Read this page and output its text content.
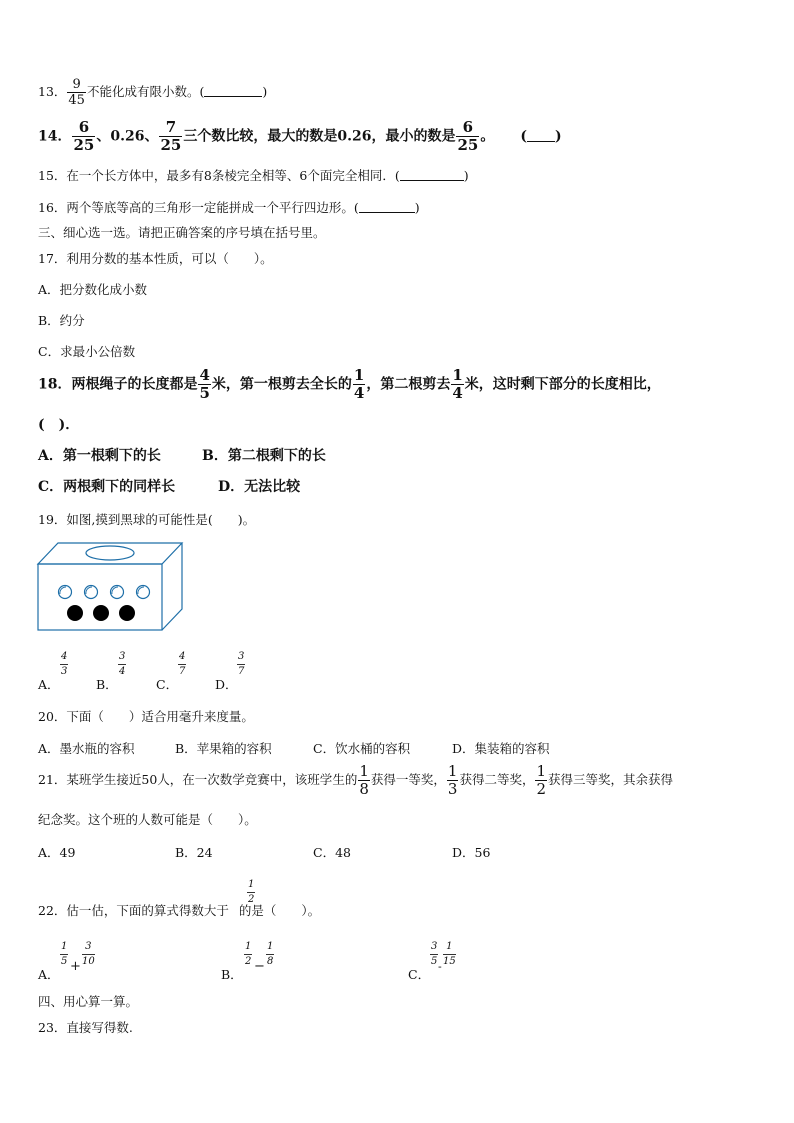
13． $\frac{9}{45}$ 不能化成有限小数。(	)
14． $\frac{6}{25}$ 、0.26、 $\frac{7}{25}$ 三个数比较，最大的数是0.26，最小的数是 $\frac{6}{25}$ 。 ( )
15．在一个长方体中，最多有8条棱完全相等、6个面完全相同．(	)
16．两个等底等高的三角形一定能拼成一个平行四边形。(	)
三、细心选一选。请把正确答案的序号填在括号里。
17．利用分数的基本性质，可以（　　）。
A．把分数化成小数
B．约分
C．求最小公倍数
18．两根绳子的长度都是 $\frac{4}{5}$ 米，第一根剪去全长的 $\frac{1}{4}$ ，第二根剪去 $\frac{1}{4}$ 米，这时剩下部分的长度相比，
(　)．
A．第一根剩下的长	B．第二根剩下的长
C．两根剩下的同样长	D．无法比较
19．如图,摸到黑球的可能性是(　　)。
A．
$\frac{4}{3}$
B．
$\frac{3}{4}$
C．
$\frac{4}{7}$
D．
$\frac{3}{7}$
20．下面（　　）适合用毫升来度量。
A．墨水瓶的容积	B．苹果箱的容积	C．饮水桶的容积	D．集装箱的容积
21．某班学生接近50人，在一次数学竞赛中，该班学生的 $\frac{1}{8}$ 获得一等奖， $\frac{1}{3}$ 获得二等奖， $\frac{1}{2}$ 获得三等奖，其余获得
纪念奖。这个班的人数可能是（　　）。
A．49	B．24	C．48	D．56
22．估一估，下面的算式得数大于 的是（　　）。
$\frac{1}{2}$
A．
$\frac{1}{5} + \frac{3}{10}$
B．
$\frac{1}{2} - \frac{1}{8}$
C．
$\frac{3}{5} - \frac{1}{15}$
四、用心算一算。
23．直接写得数.
